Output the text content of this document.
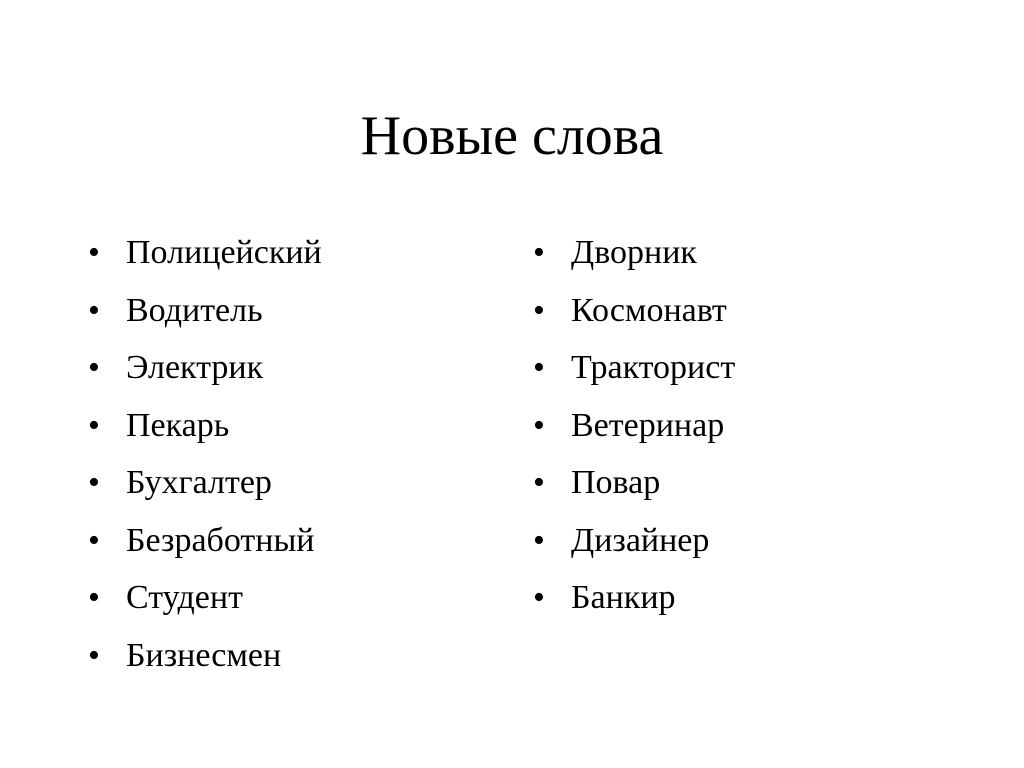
Новые слова
• Полицейский
• Водитель
• Электрик
• Пекарь
• Бухгалтер
• Безработный
• Студент
• Бизнесмен
• Дворник
• Космонавт
• Тракторист
• Ветеринар
• Повар
• Дизайнер
• Банкир
